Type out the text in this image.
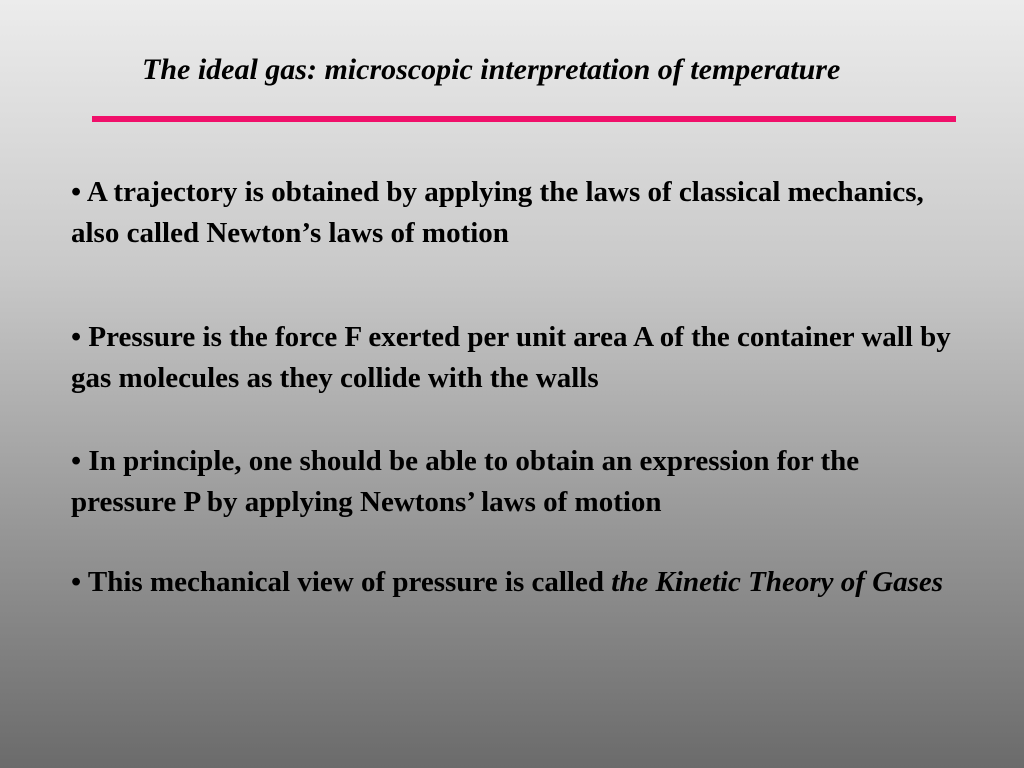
The ideal gas: microscopic interpretation of temperature
• A trajectory is obtained by applying the laws of classical mechanics, also called Newton’s laws of motion
• Pressure is the force F exerted per unit area A of the container wall by gas molecules as they collide with the walls
• In principle, one should be able to obtain an expression for the pressure P by applying Newtons’ laws of motion
• This mechanical view of pressure is called the Kinetic Theory of Gases
